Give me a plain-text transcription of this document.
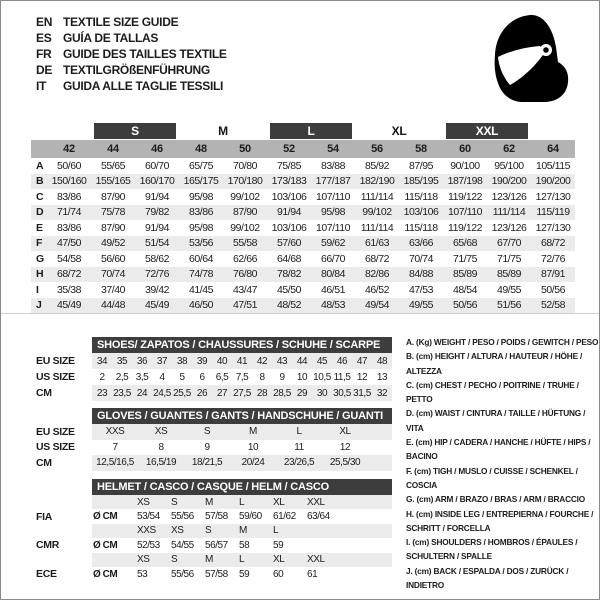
EN TEXTILE SIZE GUIDE
ES GUÍA DE TALLAS
FR GUIDE DES TAILLES TEXTILE
DE TEXTILGRÖßENFÜHRUNG
IT	GUIDA ALLE TAGLIE TESSILI
S	M	L	XL	XXL
42	44	46	48	50	52	54	56	58	60	62	64
A	50/60	55/65	60/70	65/75	70/80	75/85	83/88	85/92	87/95	90/100	95/100	105/115
B 150/160 155/165 160/170 165/175 170/180 173/183 177/187 182/190 185/195 187/198 190/200 190/200
C	83/86	87/90	91/94	95/98	99/102	103/106 107/110	111/114	115/118 119/122 123/126 127/130
D	71/74	75/78	79/82	83/86	87/90	91/94	95/98	99/102	103/106 107/110	111/114	115/119
E	83/86	87/90	91/94	95/98	99/102	103/106 107/110	111/114	115/118 119/122 123/126 127/130
F	47/50	49/52	51/54	53/56	55/58	57/60	59/62	61/63	63/66	65/68	67/70	68/72
G	54/58	56/60	58/62	60/64	62/66	64/68	66/70	68/72	70/74	71/75	71/75	72/76
H	68/72	70/74	72/76	74/78	76/80	78/82	80/84	82/86	84/88	85/89	85/89	87/91
I	35/38	37/40	39/42	41/45	43/47	45/50	46/51	46/52	47/53	48/54	49/55	50/56
J	45/49	44/48	45/49	46/50	47/51	48/52	48/53	49/54	49/55	50/56	51/56	52/58
SHOES/ ZAPATOS / CHAUSSURES / SCHUHE / SCARPE
EU SIZE	34 35 36 37 38 39 40 41 42 43 44 45 46 47 48
US SIZE	2	2,5 3,5	4	5	6	6,5 7,5	8	9	10 10,5 11,5 12 13
CM	23 23,5 24 24,5 25,5 26 27 27,5 28 28,5 29 30 30,5 31,5 32
GLOVES / GUANTES / GANTS / HANDSCHUHE / GUANTI
EU SIZE	XXS	XS	S	M	L	XL
US SIZE	7	8	9	10	11	12
CM	12,5/16,5	16,5/19	18/21,5	20/24	23/26,5	25,5/30
HELMET / CASCO / CASQUE / HELM / CASCO
XS	S	M	L	XL	XXL
FIA	Ø CM	53/54	55/56	57/58	59/60	61/62	63/64
XXS	XS	S	M	L
CMR	Ø CM	52/53	54/55	56/57	58	59
XS	S	M	L	XL	XXL
ECE	Ø CM	53	55/56	57/58	59	60	61
A. (Kg) WEIGHT / PESO / POIDS / GEWITCH / PESO
B. (cm) HEIGHT / ALTURA / HAUTEUR / HÖHE / ALTEZZA
C. (cm) CHEST / PECHO / POITRINE / TRUHE / PETTO
D. (cm) WAIST / CINTURA / TAILLE / HÜFTUNG / VITA
E. (cm) HIP / CADERA / HANCHE / HÜFTE / HIPS / BACINO
F. (cm) TIGH / MUSLO / CUISSE / SCHENKEL / COSCIA
G. (cm) ARM / BRAZO / BRAS / ARM / BRACCIO
H. (cm) INSIDE LEG / ENTREPIERNA / FOURCHE / SCHRITT / FORCELLA
I. (cm) SHOULDERS / HOMBROS / ÉPAULES / SCHULTERN / SPALLE
J. (cm) BACK / ESPALDA / DOS / ZURÜCK / INDIETRO
